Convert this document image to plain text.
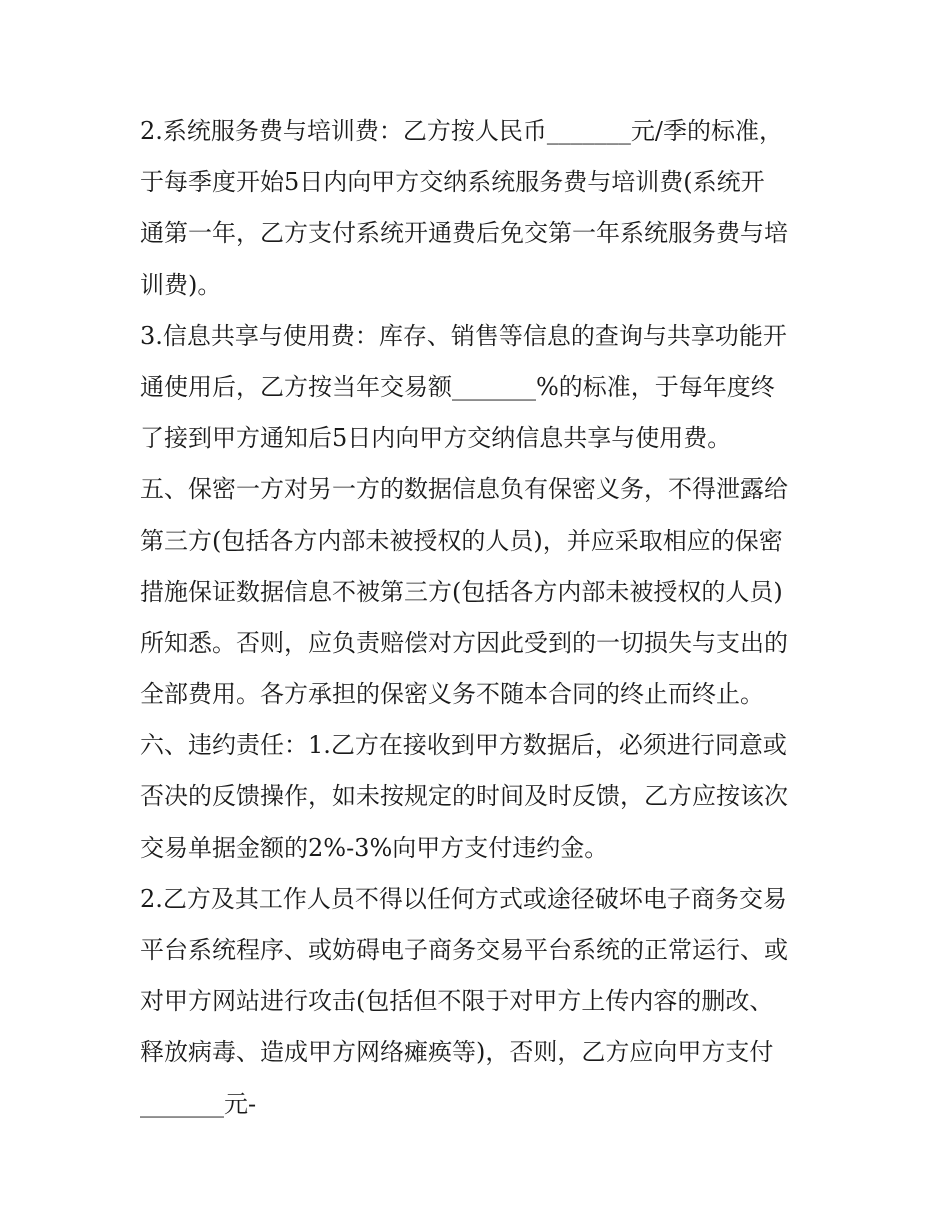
2.系统服务费与培训费：乙方按人民币_______元/季的标准，
于每季度开始5日内向甲方交纳系统服务费与培训费(系统开
通第一年，乙方支付系统开通费后免交第一年系统服务费与培
训费)。
3.信息共享与使用费：库存、销售等信息的查询与共享功能开
通使用后，乙方按当年交易额_______%的标准，于每年度终
了接到甲方通知后5日内向甲方交纳信息共享与使用费。
五、保密一方对另一方的数据信息负有保密义务，不得泄露给
第三方(包括各方内部未被授权的人员)，并应采取相应的保密
措施保证数据信息不被第三方(包括各方内部未被授权的人员)
所知悉。否则，应负责赔偿对方因此受到的一切损失与支出的
全部费用。各方承担的保密义务不随本合同的终止而终止。
六、违约责任：1.乙方在接收到甲方数据后，必须进行同意或
否决的反馈操作，如未按规定的时间及时反馈，乙方应按该次
交易单据金额的2%-3%向甲方支付违约金。
2.乙方及其工作人员不得以任何方式或途径破坏电子商务交易
平台系统程序、或妨碍电子商务交易平台系统的正常运行、或
对甲方网站进行攻击(包括但不限于对甲方上传内容的删改、
释放病毒、造成甲方网络瘫痪等)，否则，乙方应向甲方支付
_______元-
